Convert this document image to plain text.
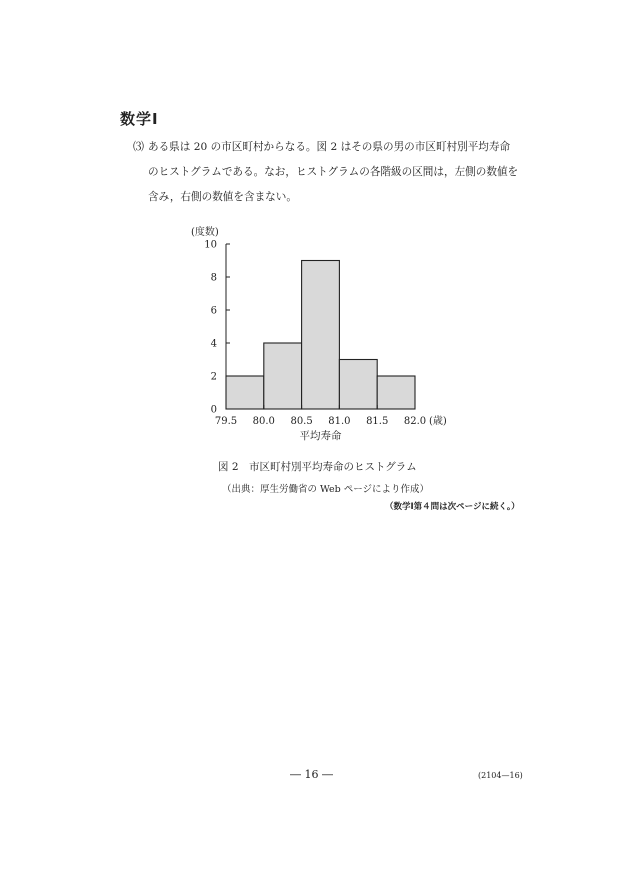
数学Ⅰ
⑶ ある県は 20 の市区町村からなる。図 2 はその県の男の市区町村別平均寿命
のヒストグラムである。なお，ヒストグラムの各階級の区間は，左側の数値を
含み，右側の数値を含まない。
0
2
4
6
8
10
79.5 80.0 80.5 81.0 81.5 82.0 (歳)
(度数)
平均寿命
図 2　市区町村別平均寿命のヒストグラム
（出典：厚生労働省の Web ページにより作成）
（数学Ⅰ第４問は次ページに続く。）
― 16 ―	(2104—16)
